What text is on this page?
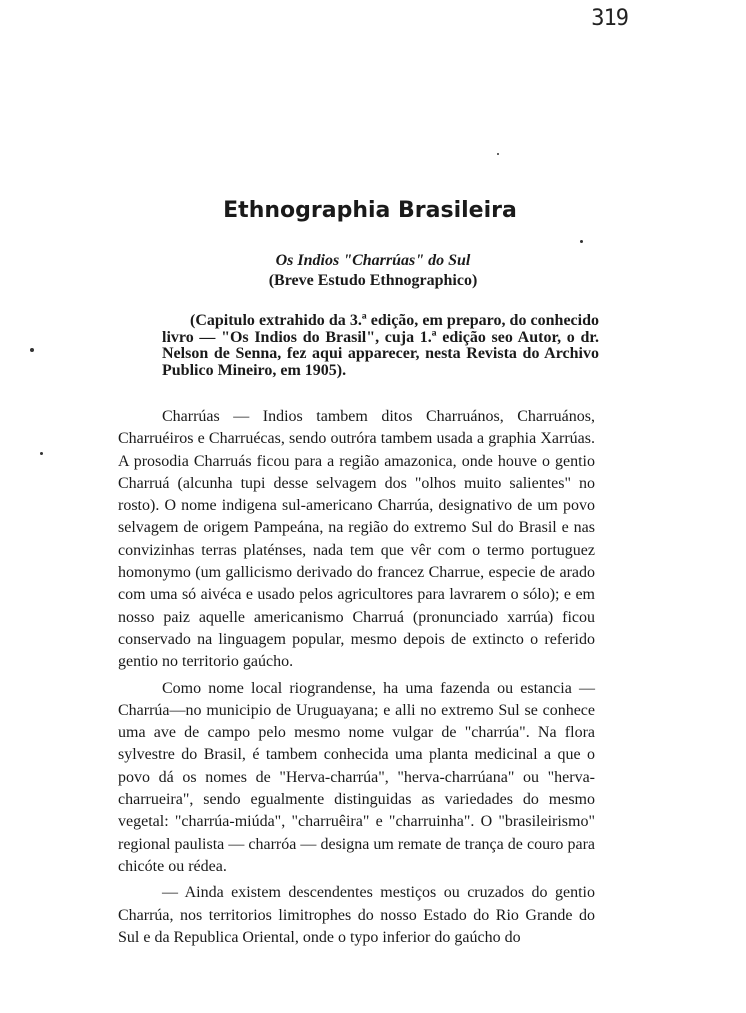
319
Ethnographia Brasileira
Os Indios "Charrúas" do Sul
(Breve Estudo Ethnographico)
(Capitulo extrahido da 3.ª edição, em preparo, do conhecido livro — "Os Indios do Brasil", cuja 1.ª edição seo Autor, o dr. Nelson de Senna, fez aqui apparecer, nesta Revista do Archivo Publico Mineiro, em 1905).

Charrúas — Indios tambem ditos Charruános, Charruános, Charruéiros e Charruécas, sendo outróra tambem usada a graphia Xarrúas. A prosodia Charruás ficou para a região amazonica, onde houve o gentio Charruá (alcunha tupi desse selvagem dos "olhos muito salientes" no rosto). O nome indigena sul-americano Charrúa, designativo de um povo selvagem de origem Pampeána, na região do extremo Sul do Brasil e nas convizinhas terras platénses, nada tem que vêr com o termo portuguez homonymo (um gallicismo derivado do francez Charrue, especie de arado com uma só aivéca e usado pelos agricultores para lavrarem o sólo); e em nosso paiz aquelle americanismo Charruá (pronunciado xarrúa) ficou conservado na linguagem popular, mesmo depois de extincto o referido gentio no territorio gaúcho.

Como nome local riograndense, ha uma fazenda ou estancia —Charrúa—no municipio de Uruguayana; e alli no extremo Sul se conhece uma ave de campo pelo mesmo nome vulgar de "charrúa". Na flora sylvestre do Brasil, é tambem conhecida uma planta medicinal a que o povo dá os nomes de "Herva-charrúa", "herva-charrúana" ou "herva-charrueira", sendo egualmente distinguidas as variedades do mesmo vegetal: "charrúa-miúda", "charruêira" e "charruinha". O "brasileirismo" regional paulista — charróa — designa um remate de trança de couro para chicóte ou rédea.

— Ainda existem descendentes mestiços ou cruzados do gentio Charrúa, nos territorios limitrophes do nosso Estado do Rio Grande do Sul e da Republica Oriental, onde o typo inferior do gaúcho do
